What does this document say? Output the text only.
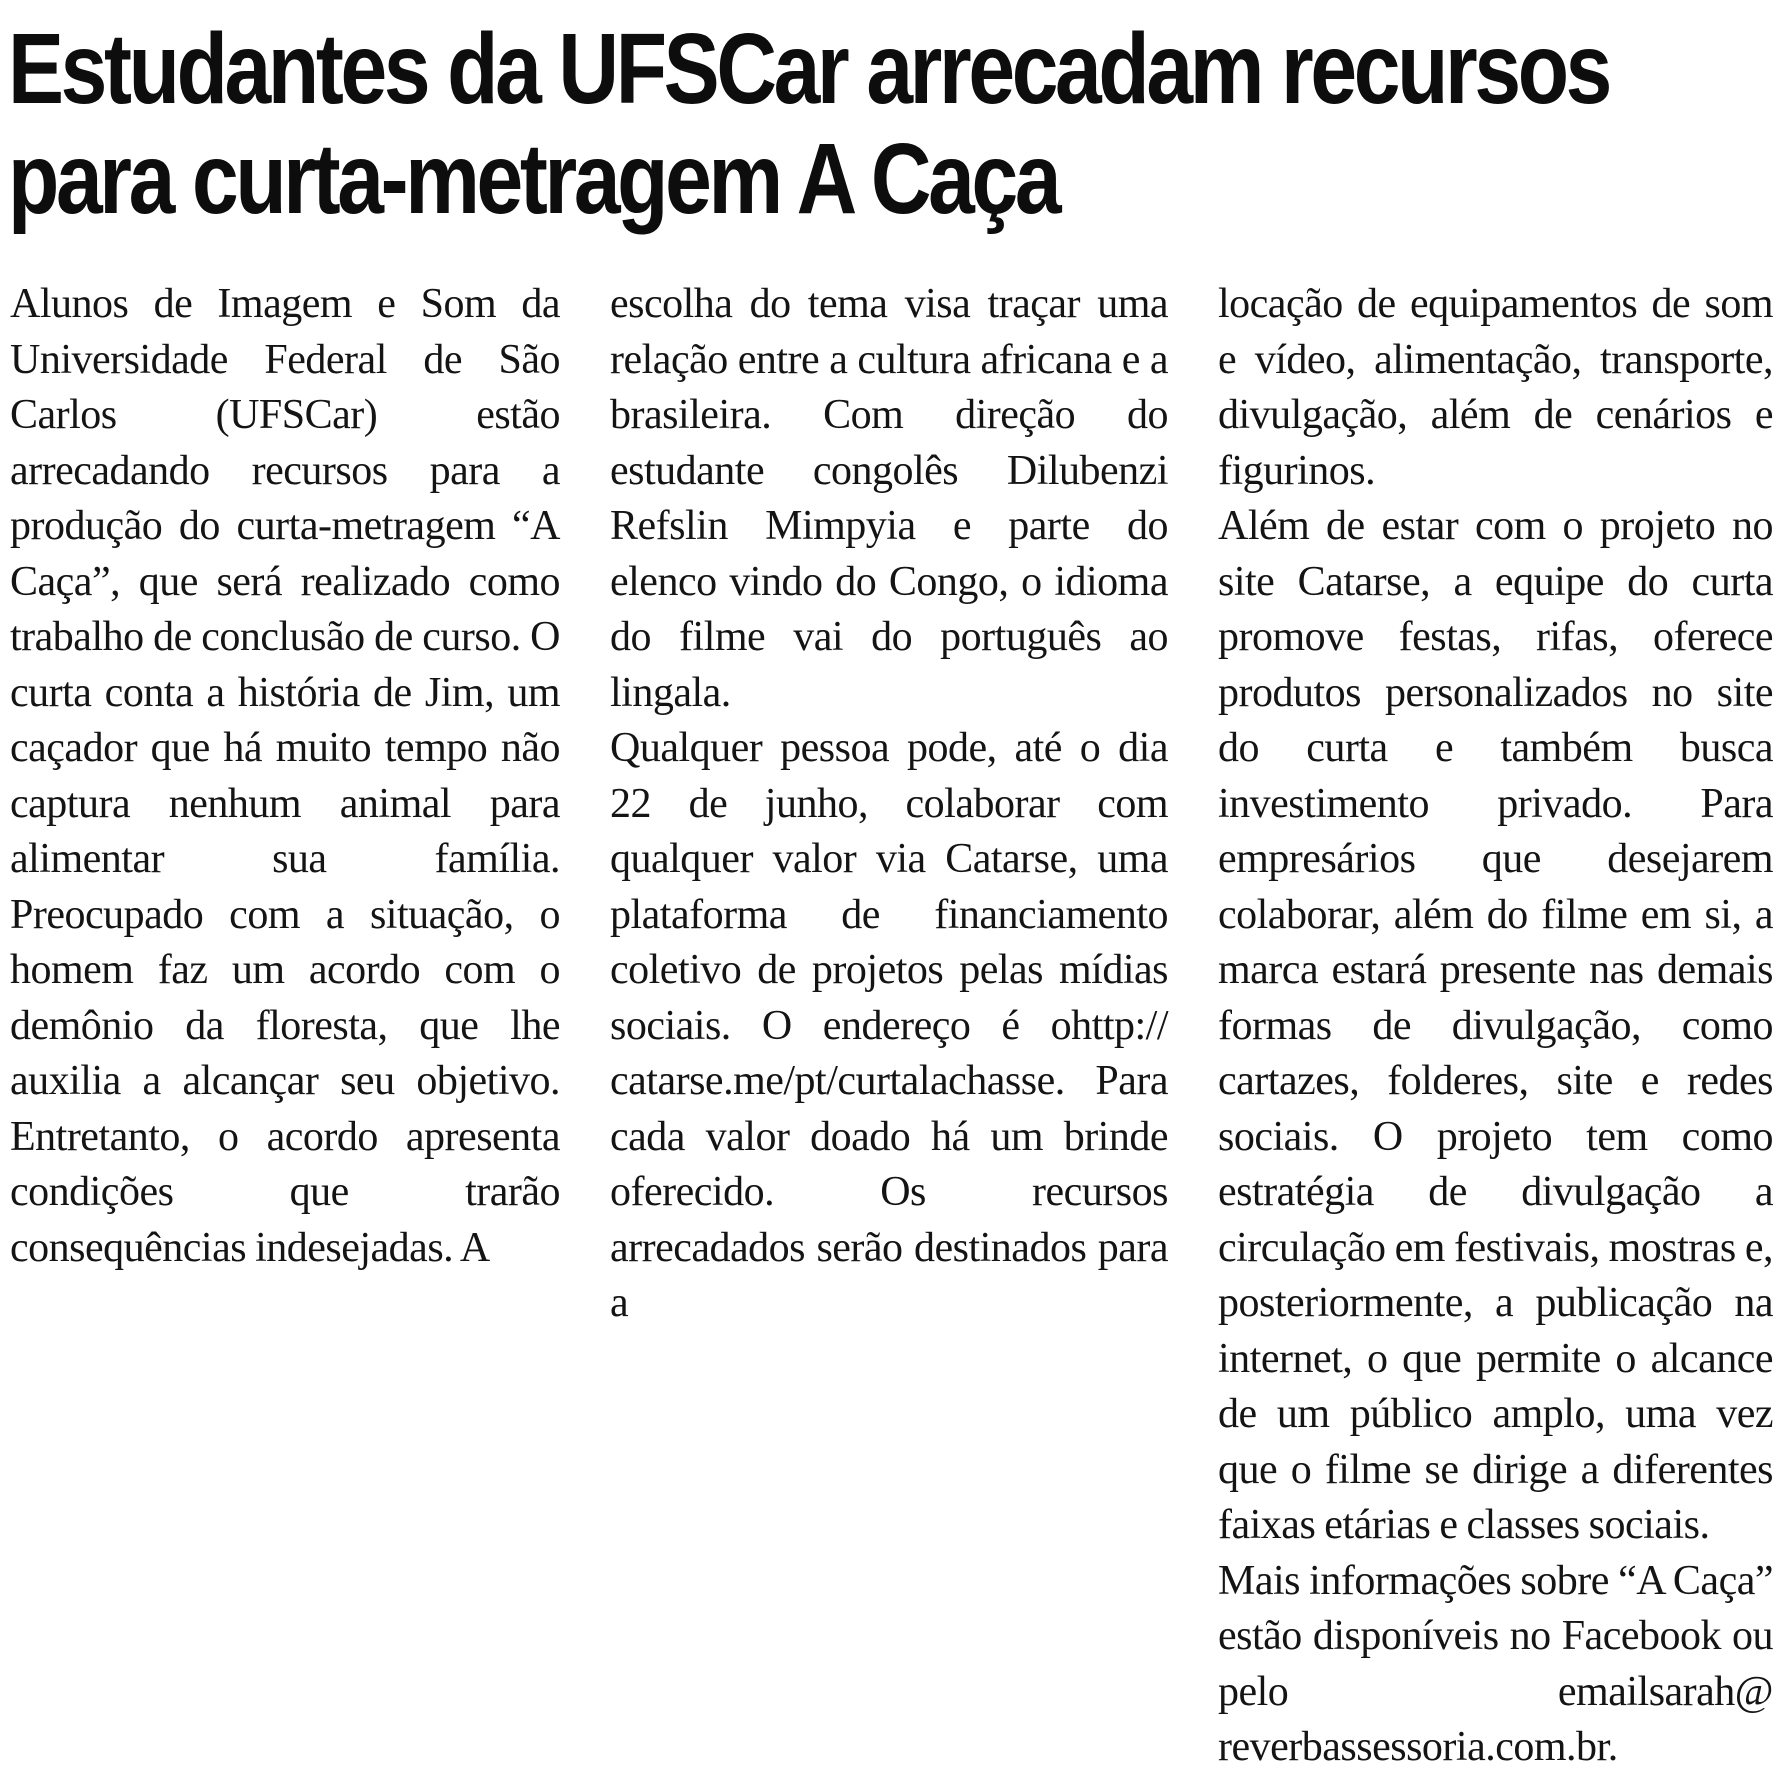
Estudantes da UFSCar arrecadam recursos
para curta-metragem A Caça

Alunos de Imagem e Som da Universidade Federal de São Carlos (UFSCar) estão arrecadando recursos para a produção do curta-metragem “A Caça”, que será realizado como trabalho de conclusão de curso. O curta conta a história de Jim, um caçador que há muito tempo não captura nenhum animal para alimentar sua família. Preocupado com a situação, o homem faz um acordo com o demônio da floresta, que lhe auxilia a alcançar seu objetivo. Entretanto, o acordo apresenta condições que trarão consequências indesejadas. A

escolha do tema visa traçar uma relação entre a cultura africana e a brasileira. Com direção do estudante congolês Dilubenzi Refslin Mimpyia e parte do elenco vindo do Congo, o idioma do filme vai do português ao lingala.

Qualquer pessoa pode, até o dia 22 de junho, colaborar com qualquer valor via Catarse, uma plataforma de financiamento coletivo de projetos pelas mídias sociais. O endereço é ohttp:// catarse.me/pt/curtalachasse. Para cada valor doado há um brinde oferecido. Os recursos arrecadados serão destinados para a

locação de equipamentos de som e vídeo, alimentação, transporte, divulgação, além de cenários e figurinos.

Além de estar com o projeto no site Catarse, a equipe do curta promove festas, rifas, oferece produtos personalizados no site do curta e também busca investimento privado. Para empresários que desejarem colaborar, além do filme em si, a marca estará presente nas demais formas de divulgação, como cartazes, folderes, site e redes sociais. O projeto tem como estratégia de divulgação a circulação em festivais, mostras e, posteriormente, a publicação na internet, o que permite o alcance de um público amplo, uma vez que o filme se dirige a diferentes faixas etárias e classes sociais.

Mais informações sobre “A Caça” estão disponíveis no Facebook ou pelo emailsarah@ reverbassessoria.com.br.
